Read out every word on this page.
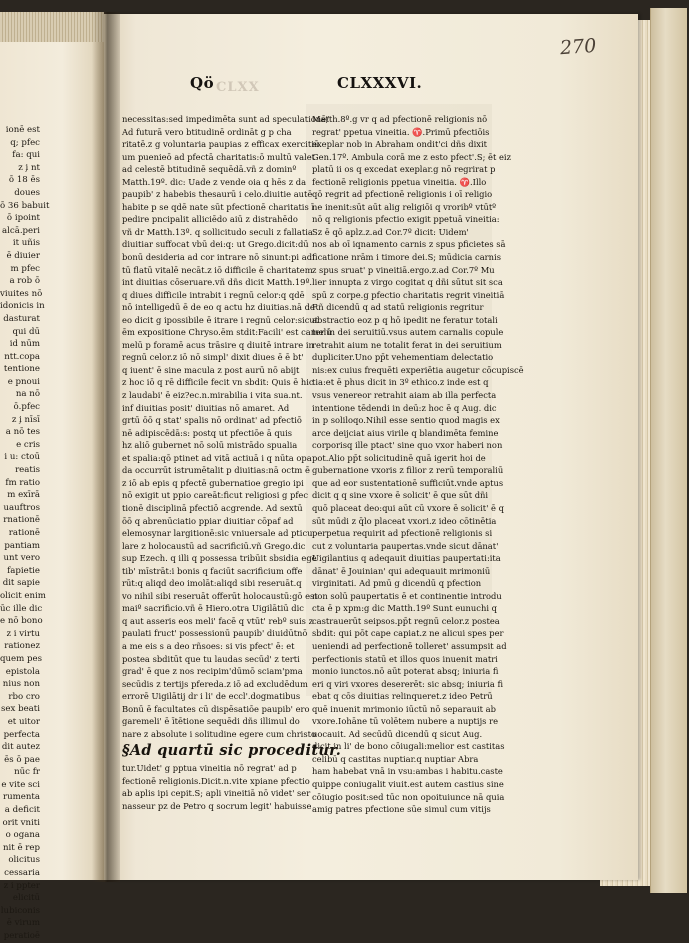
ionē est
q; pfec
fa: qui
z i̧ nt
ō 18 ēs
doues
ō 36 babuit
ō ipoint
alcā.peri
it uñis
ē diuier
m pfec
a rob ō
viuites nō
idonicis in
dasturat
qui dū
id nūm
ntt.copa
tentione
e pnoui
na nō
ō.pfec
z i̧ nīsī
a nō tes
e cris
i u: ctoū
reatis
fm ratio
m exīrā
uauftros
rnationē
rationē
pantiam
unt vero
fapietie
dit sapie
olicit enim
ūc ille dic
e nō bono
z i virtu
rationez
quem pes
epistola
nius non
rbo cro
sex beati
et uitor
perfecta
dit autez
ēs ō pae
nūc fr
e vite sci
rumenta
a deficit
orit vniti
o ogana
nit ē rep
olicitus
cessaria
z i ppter
elicitū
lubiconis
ē virum
peratioē
270
CLXX
Qö	CLXXXVI.
necessitas:sed impedimēta sunt ad speculationē/
Ad futurā vero btitudinē ordināt g p cha
ritatē.z g voluntaria paupias z efficax exercitiū
um puenieō ad pfectā charitatis:ō multū valet
ad celestē btitudinē sequēdā.vñ z dominº
Matth.19º. dic: Uade z vende oia q hēs z da
paupib' z habebis thesaurū i celo.diuitie autē
habite p se qdē nate sūt pfectionē charitatis ī
pedire pncipalit alliciēdo aiū z distrahēdo
vñ dr Matth.13º. q sollicitudo seculi z fallatia
diuitiar suffocat vbū dei:q: ut Grego.dicit:dū
bonū desideria ad cor intrare nō sinunt:pi adi
tū flatū vitalē necāt.z iō difficile ē charitatem
int diuitias cōseruare.vñ dñs dicit Matth.19º.
q diues difficile intrabit i regnū celor:q qdē
nō intelligedū ē de eo q actu hz diuitias.nā de
eo dicit g ipossibile ē itrare i regnū celor:sicut
ēm expositione Chryso.ēm stdit:Facili' est camelū
melū p foramē acus trāsire q diuitē intrare in
regnū celor.z iō nō simpl' dixit diues ē ē bt'
q iuent' ē sine macula z post aurū nō abijt
z hoc iō q rē difficile fecit vn sbdit: Quis ē hic
z laudabi' ē eiz?ec.n.mirabilia i vita sua.nt.
inf diuitias posit' diuitias nō amaret. Ad
grtū ōō q stat' spalis nō ordinat' ad pfectiō
nē adipiscēdā:s: postq ut pfectiōe ā quis
hz aliō gubernet nō solū mistrādo spualia
et spalia:qō ptinet ad vitā actiuā i q nūta opa
da occurrūt istrumētalit p diuitias:nā octm ē
z iō ab epis q pfectē gubernatioe gregio ipi
nō exigit ut ppio careāt:ficut religiosi g pfec
tionē disciplinā pfectiō acgrende. Ad sextū
ōō q abrenūciatio ppiar diuitiar cōpaf ad
elemosynar largitionē:sic vniuersale ad pticu
lare z holocaustū ad sacrificiū.vñ Grego.dic
sup Ezech. q illi q possessa tribūit sbsidia ege
tib' mīstrāt:i bonis q faciūt sacrificium offe
rūt:q aliqd deo imolāt:aliqd sibi reseruāt.q
vo nihil sibi reseruāt offerūt holocaustū:gō est
maiº sacrificio.vñ ē Hiero.otra Uigilātiū dic
q aut asseris eos meli' facē q vtūt' rebº suis z
paulati fruct' possessionū paupib' diuidūtnō
a me eis s a deo rñsoes: si vis pfect' ē: et
postea sbditūt que tu laudas secūd' z terti
grad' ē que z nos recipim'dūmō sciam'pma
secūdis z tertijs pfereda.z iō ad excludēdum
errorē Uigilātij dr i li' de eccl'.dogmatibus
Bonū ē facultates cū dispēsatiōe paupib' ero
garemeli' ē ītētione sequēdi dñs illimul do
nare z absolute i solitudine egere cum christo
§Ad quartū sic proceditur.
tur.Uidet' g pptua vineitia nō regrat' ad p
fectionē religionis.Dicit.n.vite xpiane pfectio
ab aplis ipi cepit.S; apli vineitiā nō videt' ser
nasseur pz de Petro q socrum legit' habuisse
Matth.8º.g vr q ad pfectionē religionis nō
regrat' ppetua vineitia. ♈.Primū pfectiōis
exeplar nob in Abraham ondit'ci dñs dixit
Gen.17º. Ambula corā me z esto pfect'.S; ēt eiz
platū ii os q excedat exeplar.g nō regrirat p
fectionē religionis ppetua vineitia. ♈.Illo
qō regrit ad pfectionē religionis i oī religio
ne inenit:sūt aūt alig religiōi q vroribº vtūtº
nō q religionis pfectio exigit ppetuā vineitia:
Sz ē qō aplz.z.ad Cor.7º dicit: Uidem'
nos ab oī iqnamento carnis z spus pficietes sā
ficatione nrām i timore dei.S; mūdicia carnis
z spus sruat' p vineitiā.ergo.z.ad Cor.7º Mu
lier innupta z virgo cogitat q dñi sūtut sit sca
spū z corpe.g pfectio charitatis regrit vineitiā
Rñ dicendū q ad statū religionis regritur
abstractio eoz p q hō ipedit ne feratur totali
ter in dei seruitiū.vsus autem carnalis copule
retrahit aium ne totalit ferat in dei seruitium
dupliciter.Uno pp̄t vehementiam delectatio
nis:ex cuius frequēti experiētia augetur cōcupiscē
tia:et ē phus dicit in 3º ethico.z inde est q
vsus venereor retrahit aiam ab illa perfecta
intentione tēdendi in deū:z hoc ē q Aug. dic
in p soliloqo.Nihil esse sentio quod magis ex
arce deijciat aius virile q blandimēta femine
corporisq ille ptact' sine quo vxor haberi non
pot.Alio pp̄t solicitudinē quā igerit hoi de
gubernatione vxoris z filior z rerū temporaliū
que ad eor sustentationē sufficiūt.vnde aptus
dicit q q sine vxore ē solicit' ē que sūt dñi
quō placeat deo:qui aūt cū vxore ē solicit' ē q
sūt mūdi z q̄lo placeat vxori.z ideo cōtinētia
perpetua requirit ad pfectionē religionis si
cut z voluntaria paupertas.vnde sicut dānat'
Uigilantius q adeqauit diuitias paupertati:ita
dānat' ē Jouinian' qui adequauit mrimoniū
virginitati. Ad pmū g dicendū q pfection
non solū paupertatis ē et continentie introdu
cta ē p xpm:g dic Matth.19º Sunt eunuchi q
castrauerūt seipsos.pp̄t regnū celor.z postea
sbdit: qui pōt cape capiat.z ne alicui spes per
ueniendi ad perfectionē tolleret' assumpsit ad
perfectionis statū et illos quos inuenit matri
monio iunctos.nō aūt poterat absq; iniuria fi
eri q viri vxores desererēt: sic absq; iniuria fi
ebat q cōs diuitias relinqueret.z ideo Petrū
quē inuenit mrimonio iūctū nō separauit ab
vxore.Iohāne tū volētem nubere a nuptijs re
uocauit. Ad secūdū dicendū q sicut Aug.
dicit in li' de bono cōiugali:melior est castitas
celibū q castitas nuptiar.q nuptiar Abra
ham habebat vnā in vsu:ambas i habitu.caste
quippe coniugalit viuit.est autem castius sine
cōiugio posit:sed tūc non opoituiunce nā quia
amig patres pfectione sūe simul cum vitijs
